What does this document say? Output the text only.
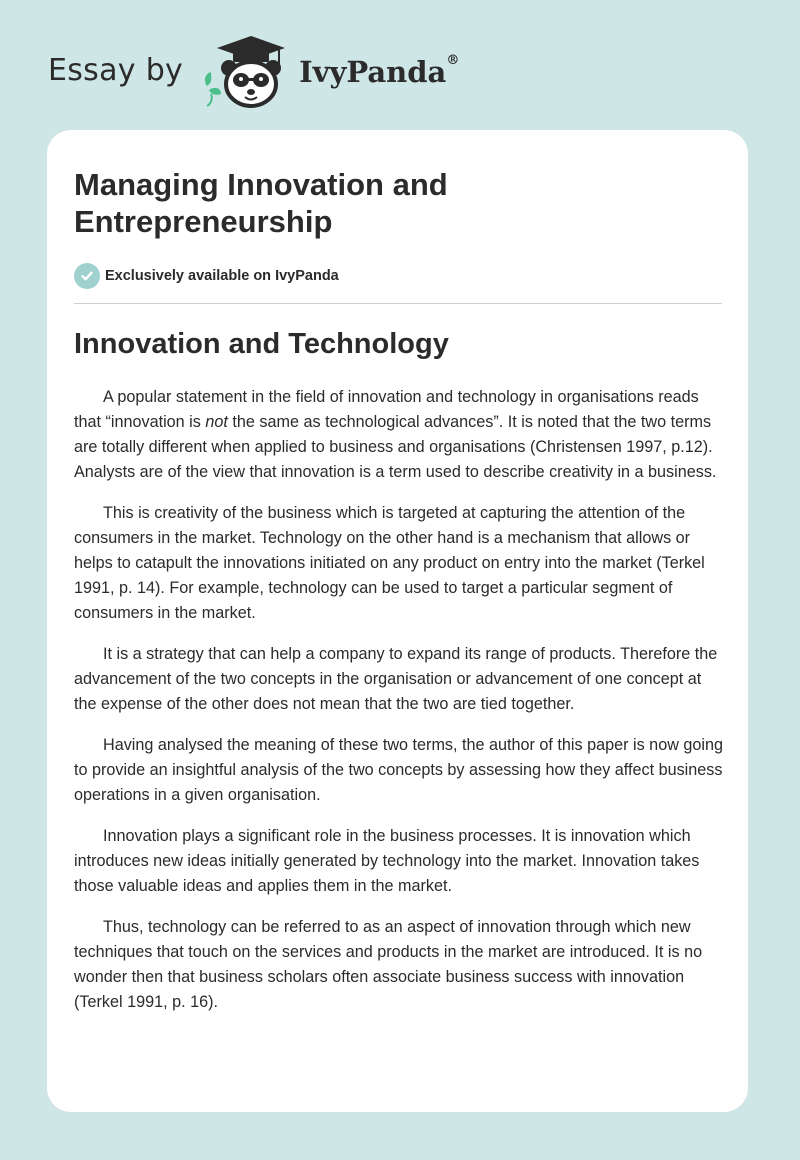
Essay by	IvyPanda®
Managing Innovation and Entrepreneurship
Exclusively available on IvyPanda
Innovation and Technology

A popular statement in the field of innovation and technology in organisations reads that “innovation is not the same as technological advances”. It is noted that the two terms are totally different when applied to business and organisations (Christensen 1997, p.12). Analysts are of the view that innovation is a term used to describe creativity in a business.

This is creativity of the business which is targeted at capturing the attention of the consumers in the market. Technology on the other hand is a mechanism that allows or helps to catapult the innovations initiated on any product on entry into the market (Terkel 1991, p. 14). For example, technology can be used to target a particular segment of consumers in the market.

It is a strategy that can help a company to expand its range of products. Therefore the advancement of the two concepts in the organisation or advancement of one concept at the expense of the other does not mean that the two are tied together.

Having analysed the meaning of these two terms, the author of this paper is now going to provide an insightful analysis of the two concepts by assessing how they affect business operations in a given organisation.

Innovation plays a significant role in the business processes. It is innovation which introduces new ideas initially generated by technology into the market. Innovation takes those valuable ideas and applies them in the market.

Thus, technology can be referred to as an aspect of innovation through which new techniques that touch on the services and products in the market are introduced. It is no wonder then that business scholars often associate business success with innovation (Terkel 1991, p. 16).
